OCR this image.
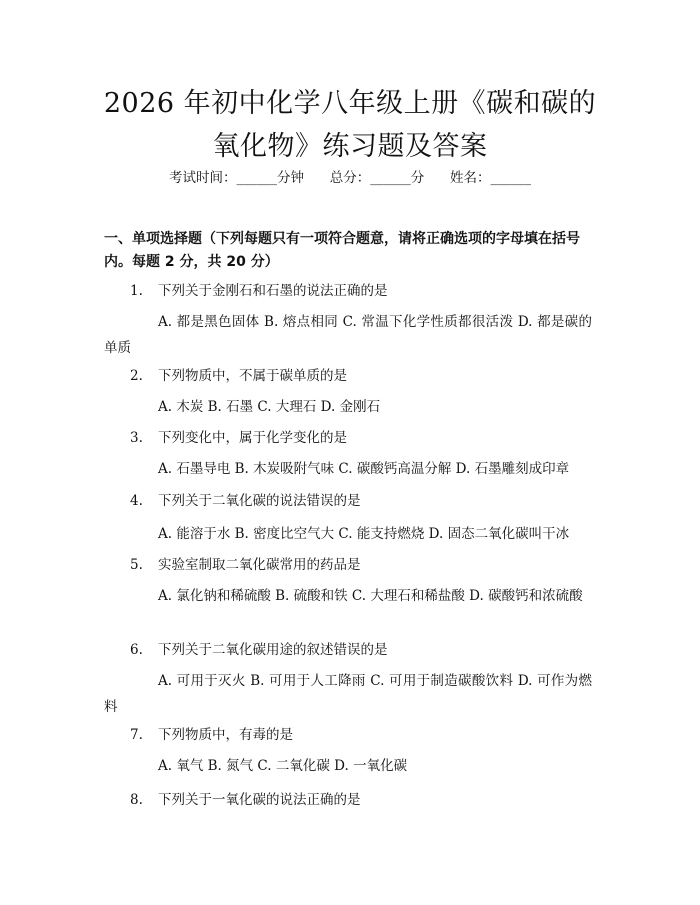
2026 年初中化学八年级上册《碳和碳的氧化物》练习题及答案
考试时间：______分钟      总分：______分      姓名：______
一、单项选择题（下列每题只有一项符合题意，请将正确选项的字母填在括号内。每题 2 分，共 20 分）
1. 下列关于金刚石和石墨的说法正确的是
A. 都是黑色固体 B. 熔点相同 C. 常温下化学性质都很活泼 D. 都是碳的单质
2. 下列物质中，不属于碳单质的是
A. 木炭 B. 石墨 C. 大理石 D. 金刚石
3. 下列变化中，属于化学变化的是
A. 石墨导电 B. 木炭吸附气味 C. 碳酸钙高温分解 D. 石墨雕刻成印章
4. 下列关于二氧化碳的说法错误的是
A. 能溶于水 B. 密度比空气大 C. 能支持燃烧 D. 固态二氧化碳叫干冰
5. 实验室制取二氧化碳常用的药品是
A. 氯化钠和稀硫酸 B. 硫酸和铁 C. 大理石和稀盐酸 D. 碳酸钙和浓硫酸
6. 下列关于二氧化碳用途的叙述错误的是
A. 可用于灭火 B. 可用于人工降雨 C. 可用于制造碳酸饮料 D. 可作为燃料
7. 下列物质中，有毒的是
A. 氧气 B. 氮气 C. 二氧化碳 D. 一氧化碳
8. 下列关于一氧化碳的说法正确的是
